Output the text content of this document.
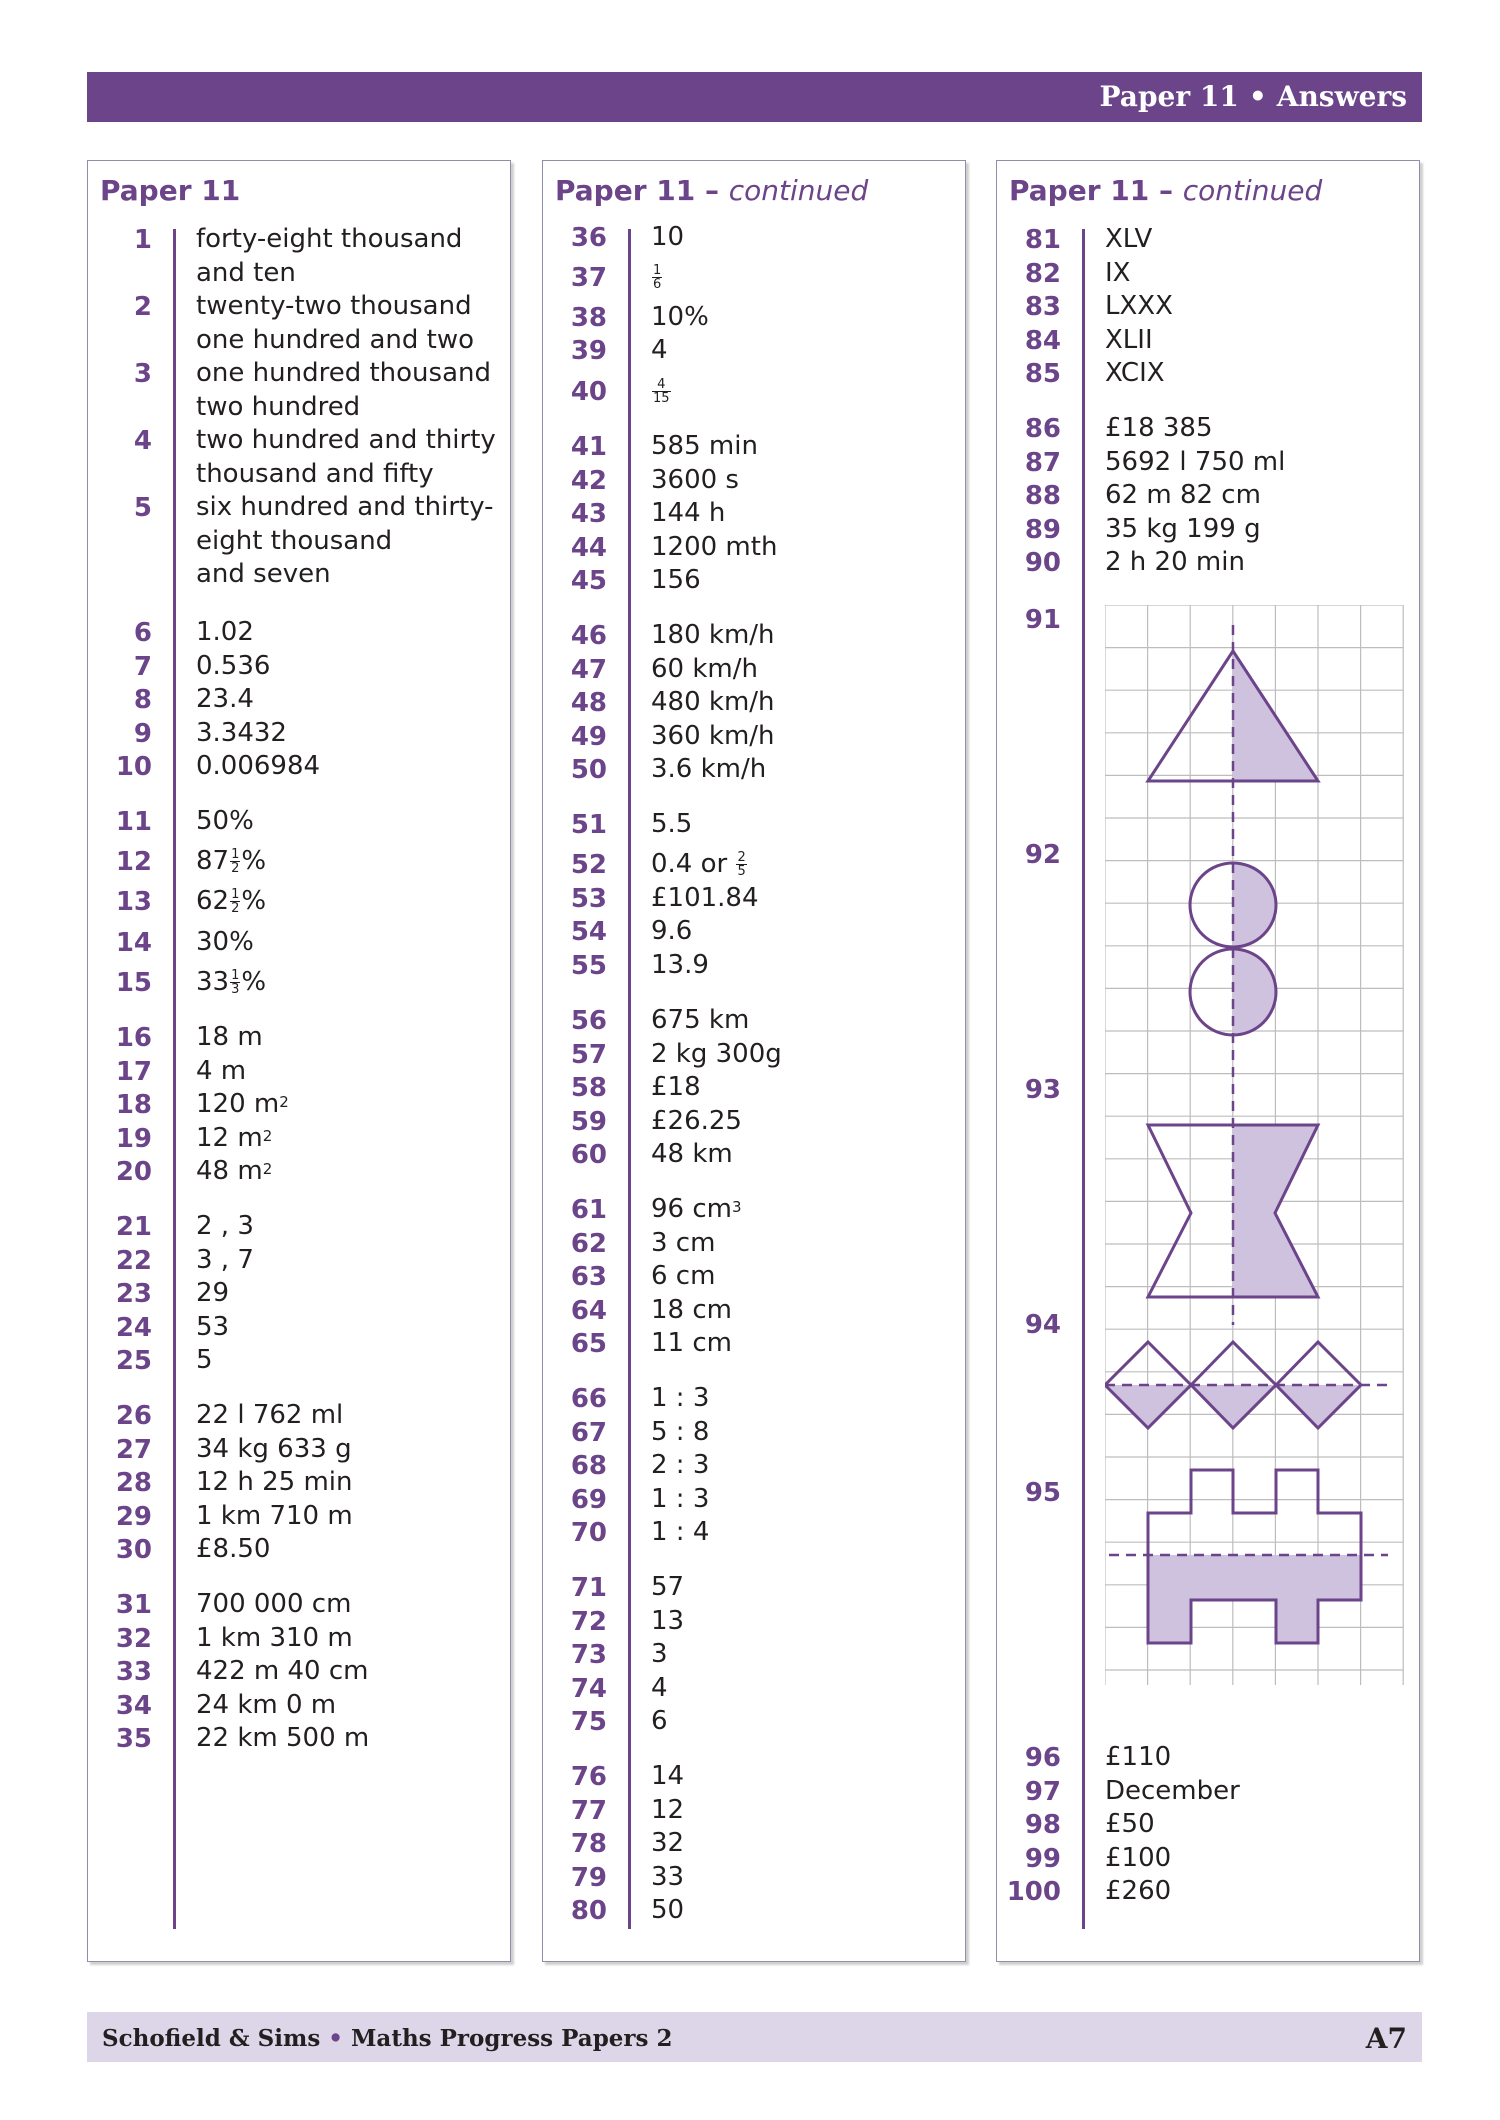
Paper 11 • Answers
Paper 11	Paper 11 – continued	Paper 11 – continued
1 forty-eight thousand
and ten
2 twenty-two thousand
one hundred and two
3 one hundred thousand
two hundred
4 two hundred and thirty
thousand and fifty
5 six hundred and thirty-
eight thousand
and seven
6 1.02
7 0.536
8 23.4
9 3.3432
10 0.006984
11 50%
12 $87 \frac{1}{2}$ %
13 $62 \frac{1}{2}$ %
14 30%
15 $33 \frac{1}{3}$ %
16 18 m
17 4 m
18 120 $m^2$
19 12 $m^2$
20 48 $m^2$
21 2 , 3
22 3 , 7
23 29
24 53
25 5
26 22 l 762 ml
27 34 kg 633 g
28 12 h 25 min
29 1 km 710 m
30 £8.50
31 700 000 cm
32 1 km 310 m
33 422 m 40 cm
34 24 km 0 m
35 22 km 500 m
36 10
37	$\frac{1}{6}$
38 10%
39 4
40	$\frac{4}{15}$
41 585 min
42 3600 s
43 144 h
44 1200 mth
45 156
46 180 km/h
47 60 km/h
48 480 km/h
49 360 km/h
50 3.6 km/h
51 5.5
52 0.4 or $\frac{2}{5}$
53 £101.84
54 9.6
55 13.9
56 675 km
57 2 kg 300g
58 £18
59 £26.25
60 48 km
61 96 $cm^3$
62 3 cm
63 6 cm
64 18 cm
65 11 cm
66 1 : 3
67 5 : 8
68 2 : 3
69 1 : 3
70 1 : 4
71 57
72 13
73 3
74 4
75 6
76 14
77 12
78 32
79 33
80 50
81 XLV
82 IX
83 LXXX
84 XLII
85 XCIX
86 £18 385
87 5692 l 750 ml
88 62 m 82 cm
89 35 kg 199 g
90 2 h 20 min
91
92
93
94
95
96 £110
97 December
98 £50
99 £100
100 £260
Schofield & Sims • Maths Progress Papers 2	A7
